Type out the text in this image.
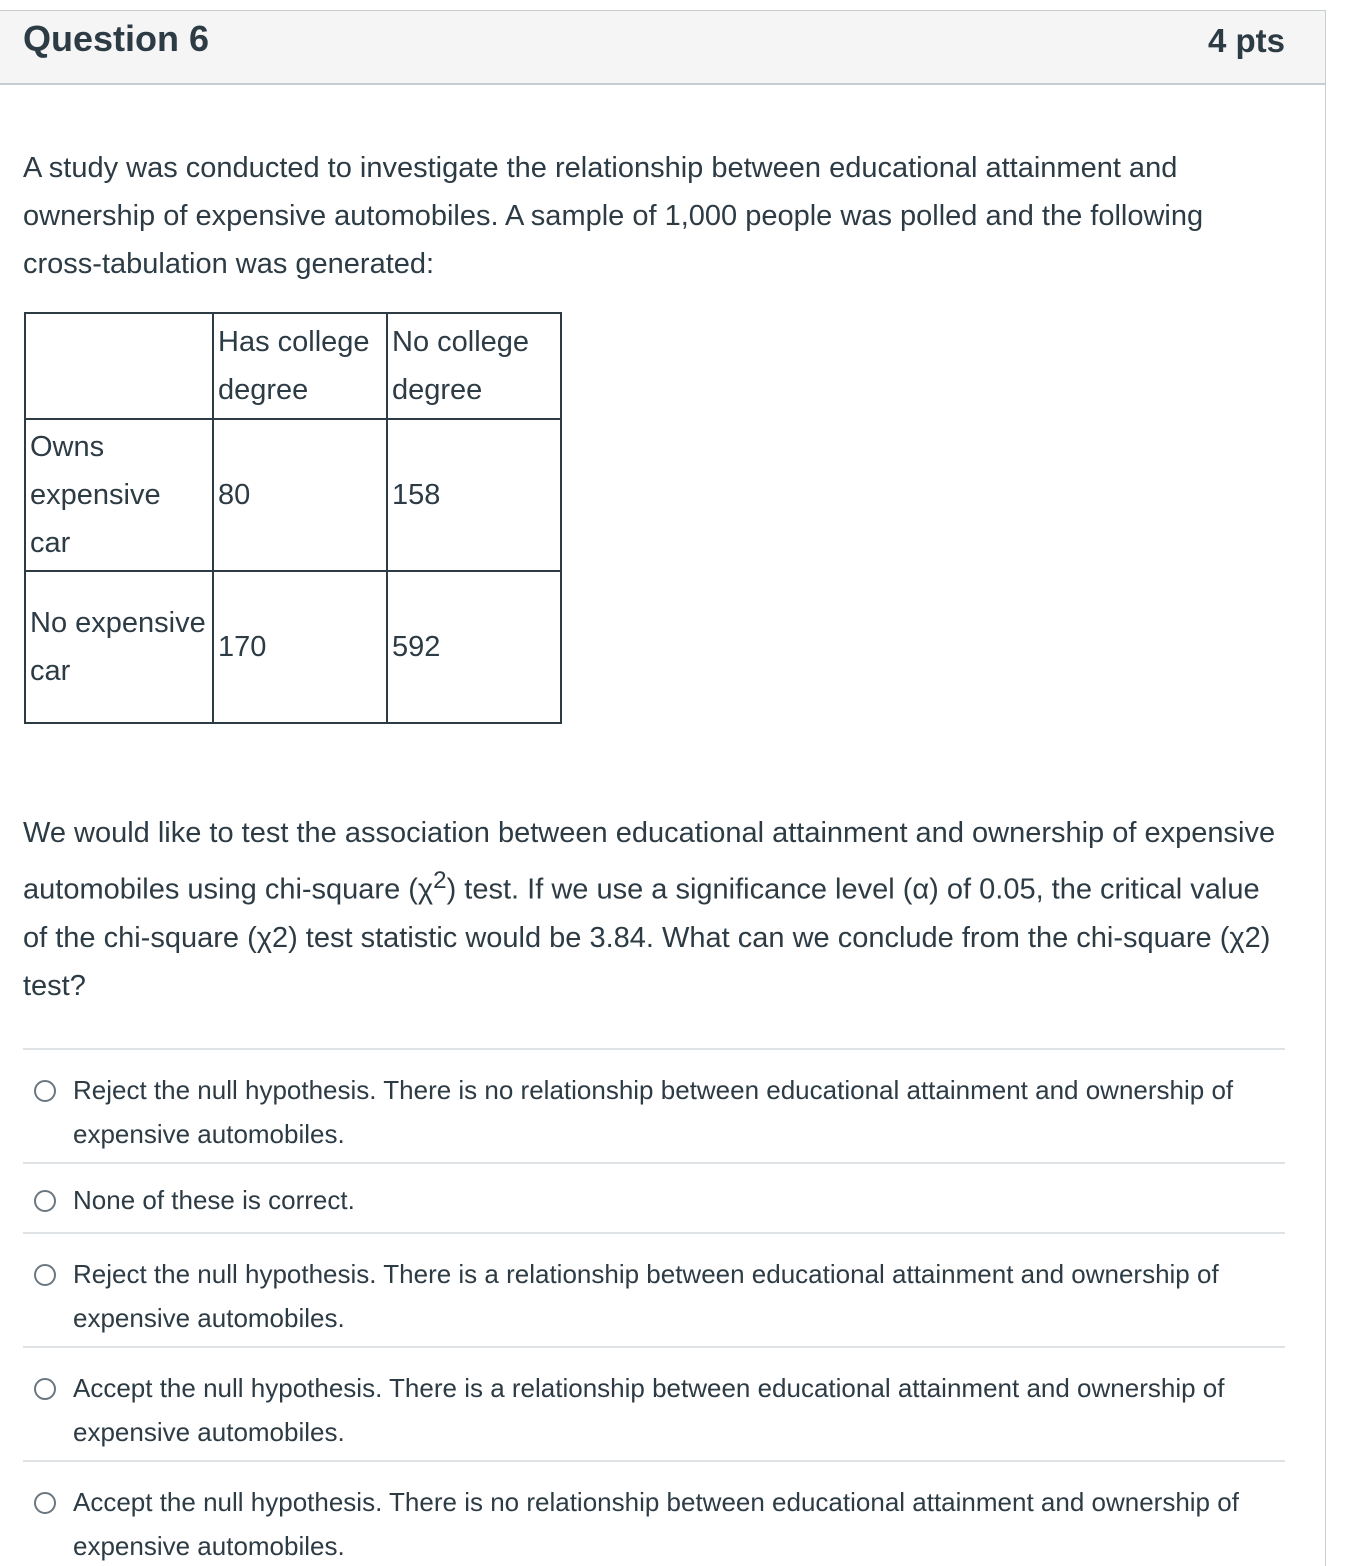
Question 6	4 pts

A study was conducted to investigate the relationship between educational attainment and ownership of expensive automobiles. A sample of 1,000 people was polled and the following cross-tabulation was generated:

	Has college degree	No college degree
Owns expensive car	80	158
No expensive car	170	592

We would like to test the association between educational attainment and ownership of expensive automobiles using chi-square $(\chi^2)$ test. If we use a significance level (α) of 0.05, the critical value of the chi-square (χ2) test statistic would be 3.84. What can we conclude from the chi-square (χ2) test?

Reject the null hypothesis. There is no relationship between educational attainment and ownership of expensive automobiles.
None of these is correct.
Reject the null hypothesis. There is a relationship between educational attainment and ownership of expensive automobiles.
Accept the null hypothesis. There is a relationship between educational attainment and ownership of expensive automobiles.
Accept the null hypothesis. There is no relationship between educational attainment and ownership of expensive automobiles.
